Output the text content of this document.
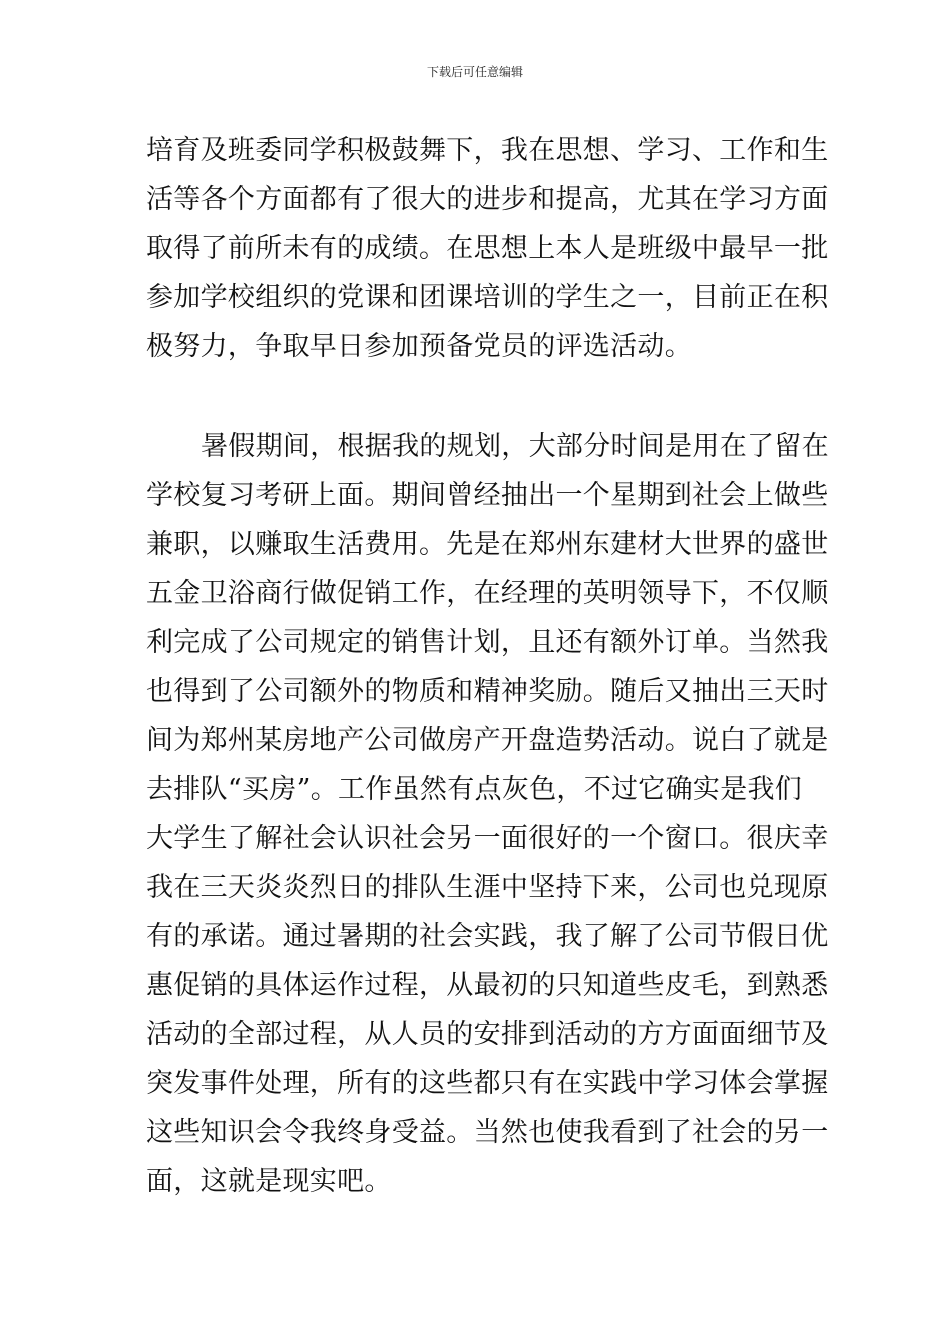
下载后可任意编辑
培育及班委同学积极鼓舞下，我在思想、学习、工作和生
活等各个方面都有了很大的进步和提高，尤其在学习方面
取得了前所未有的成绩。在思想上本人是班级中最早一批
参加学校组织的党课和团课培训的学生之一，目前正在积
极努力，争取早日参加预备党员的评选活动。
暑假期间，根据我的规划，大部分时间是用在了留在
学校复习考研上面。期间曾经抽出一个星期到社会上做些
兼职，以赚取生活费用。先是在郑州东建材大世界的盛世
五金卫浴商行做促销工作，在经理的英明领导下，不仅顺
利完成了公司规定的销售计划，且还有额外订单。当然我
也得到了公司额外的物质和精神奖励。随后又抽出三天时
间为郑州某房地产公司做房产开盘造势活动。说白了就是
去排队“买房”。工作虽然有点灰色，不过它确实是我们
大学生了解社会认识社会另一面很好的一个窗口。很庆幸
我在三天炎炎烈日的排队生涯中坚持下来，公司也兑现原
有的承诺。通过暑期的社会实践，我了解了公司节假日优
惠促销的具体运作过程，从最初的只知道些皮毛，到熟悉
活动的全部过程，从人员的安排到活动的方方面面细节及
突发事件处理，所有的这些都只有在实践中学习体会掌握
这些知识会令我终身受益。当然也使我看到了社会的另一
面，这就是现实吧。
